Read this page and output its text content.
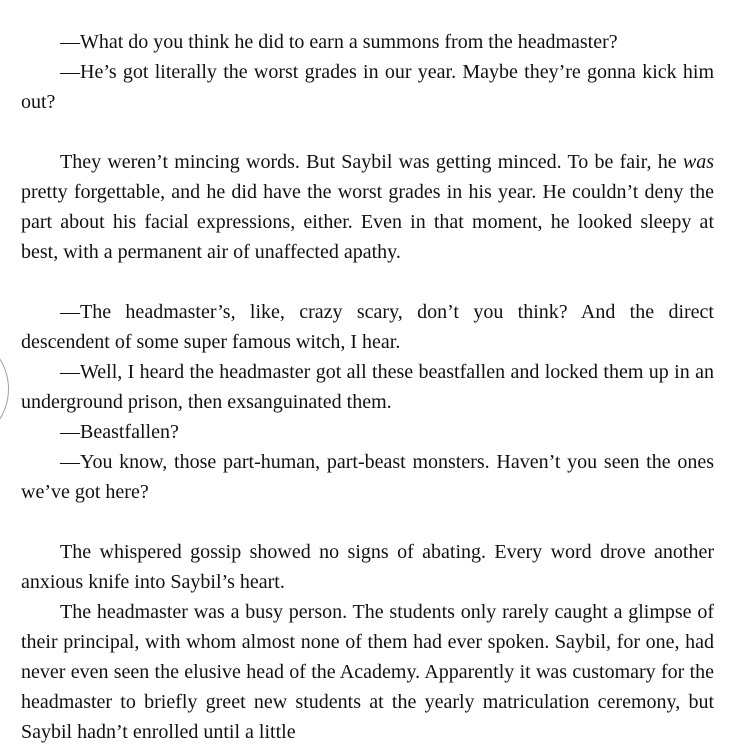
—What do you think he did to earn a summons from the headmaster?

—He’s got literally the worst grades in our year. Maybe they’re gonna kick him out?

They weren’t mincing words. But Saybil was getting minced. To be fair, he was pretty forgettable, and he did have the worst grades in his year. He couldn’t deny the part about his facial expressions, either. Even in that moment, he looked sleepy at best, with a permanent air of unaffected apathy.

—The headmaster’s, like, crazy scary, don’t you think? And the direct descendent of some super famous witch, I hear.

—Well, I heard the headmaster got all these beastfallen and locked them up in an underground prison, then exsanguinated them.

—Beastfallen?

—You know, those part-human, part-beast monsters. Haven’t you seen the ones we’ve got here?

The whispered gossip showed no signs of abating. Every word drove another anxious knife into Saybil’s heart.

The headmaster was a busy person. The students only rarely caught a glimpse of their principal, with whom almost none of them had ever spoken. Saybil, for one, had never even seen the elusive head of the Academy. Apparently it was customary for the headmaster to briefly greet new students at the yearly matriculation ceremony, but Saybil hadn’t enrolled until a little
